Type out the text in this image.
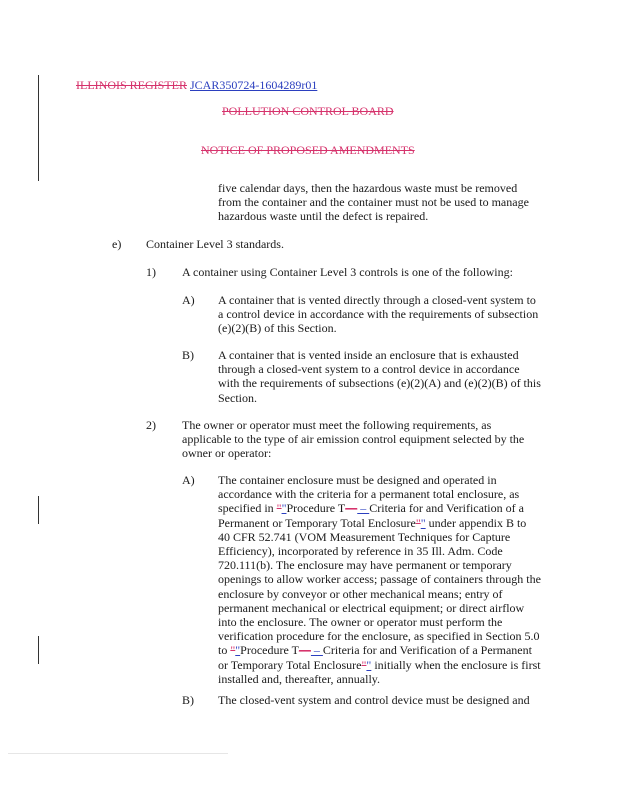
ILLINOIS REGISTER JCAR350724-1604289r01
POLLUTION CONTROL BOARD
NOTICE OF PROPOSED AMENDMENTS
five calendar days, then the hazardous waste must be removed
from the container and the container must not be used to manage
hazardous waste until the defect is repaired.
e) Container Level 3 standards.
1) A container using Container Level 3 controls is one of the following:
A) A container that is vented directly through a closed-vent system to
a control device in accordance with the requirements of subsection
(e)(2)(B) of this Section.
B) A container that is vented inside an enclosure that is exhausted
through a closed-vent system to a control device in accordance
with the requirements of subsections (e)(2)(A) and (e)(2)(B) of this
Section.
2) The owner or operator must meet the following requirements, as
applicable to the type of air emission control equipment selected by the
owner or operator:
A) The container enclosure must be designed and operated in
accordance with the criteria for a permanent total enclosure, as
specified in ""Procedure T— – Criteria for and Verification of a
Permanent or Temporary Total Enclosure"" under appendix B to
40 CFR 52.741 (VOM Measurement Techniques for Capture
Efficiency), incorporated by reference in 35 Ill. Adm. Code
720.111(b). The enclosure may have permanent or temporary
openings to allow worker access; passage of containers through the
enclosure by conveyor or other mechanical means; entry of
permanent mechanical or electrical equipment; or direct airflow
into the enclosure. The owner or operator must perform the
verification procedure for the enclosure, as specified in Section 5.0
to ""Procedure T— – Criteria for and Verification of a Permanent
or Temporary Total Enclosure"" initially when the enclosure is first
installed and, thereafter, annually.
B) The closed-vent system and control device must be designed and
